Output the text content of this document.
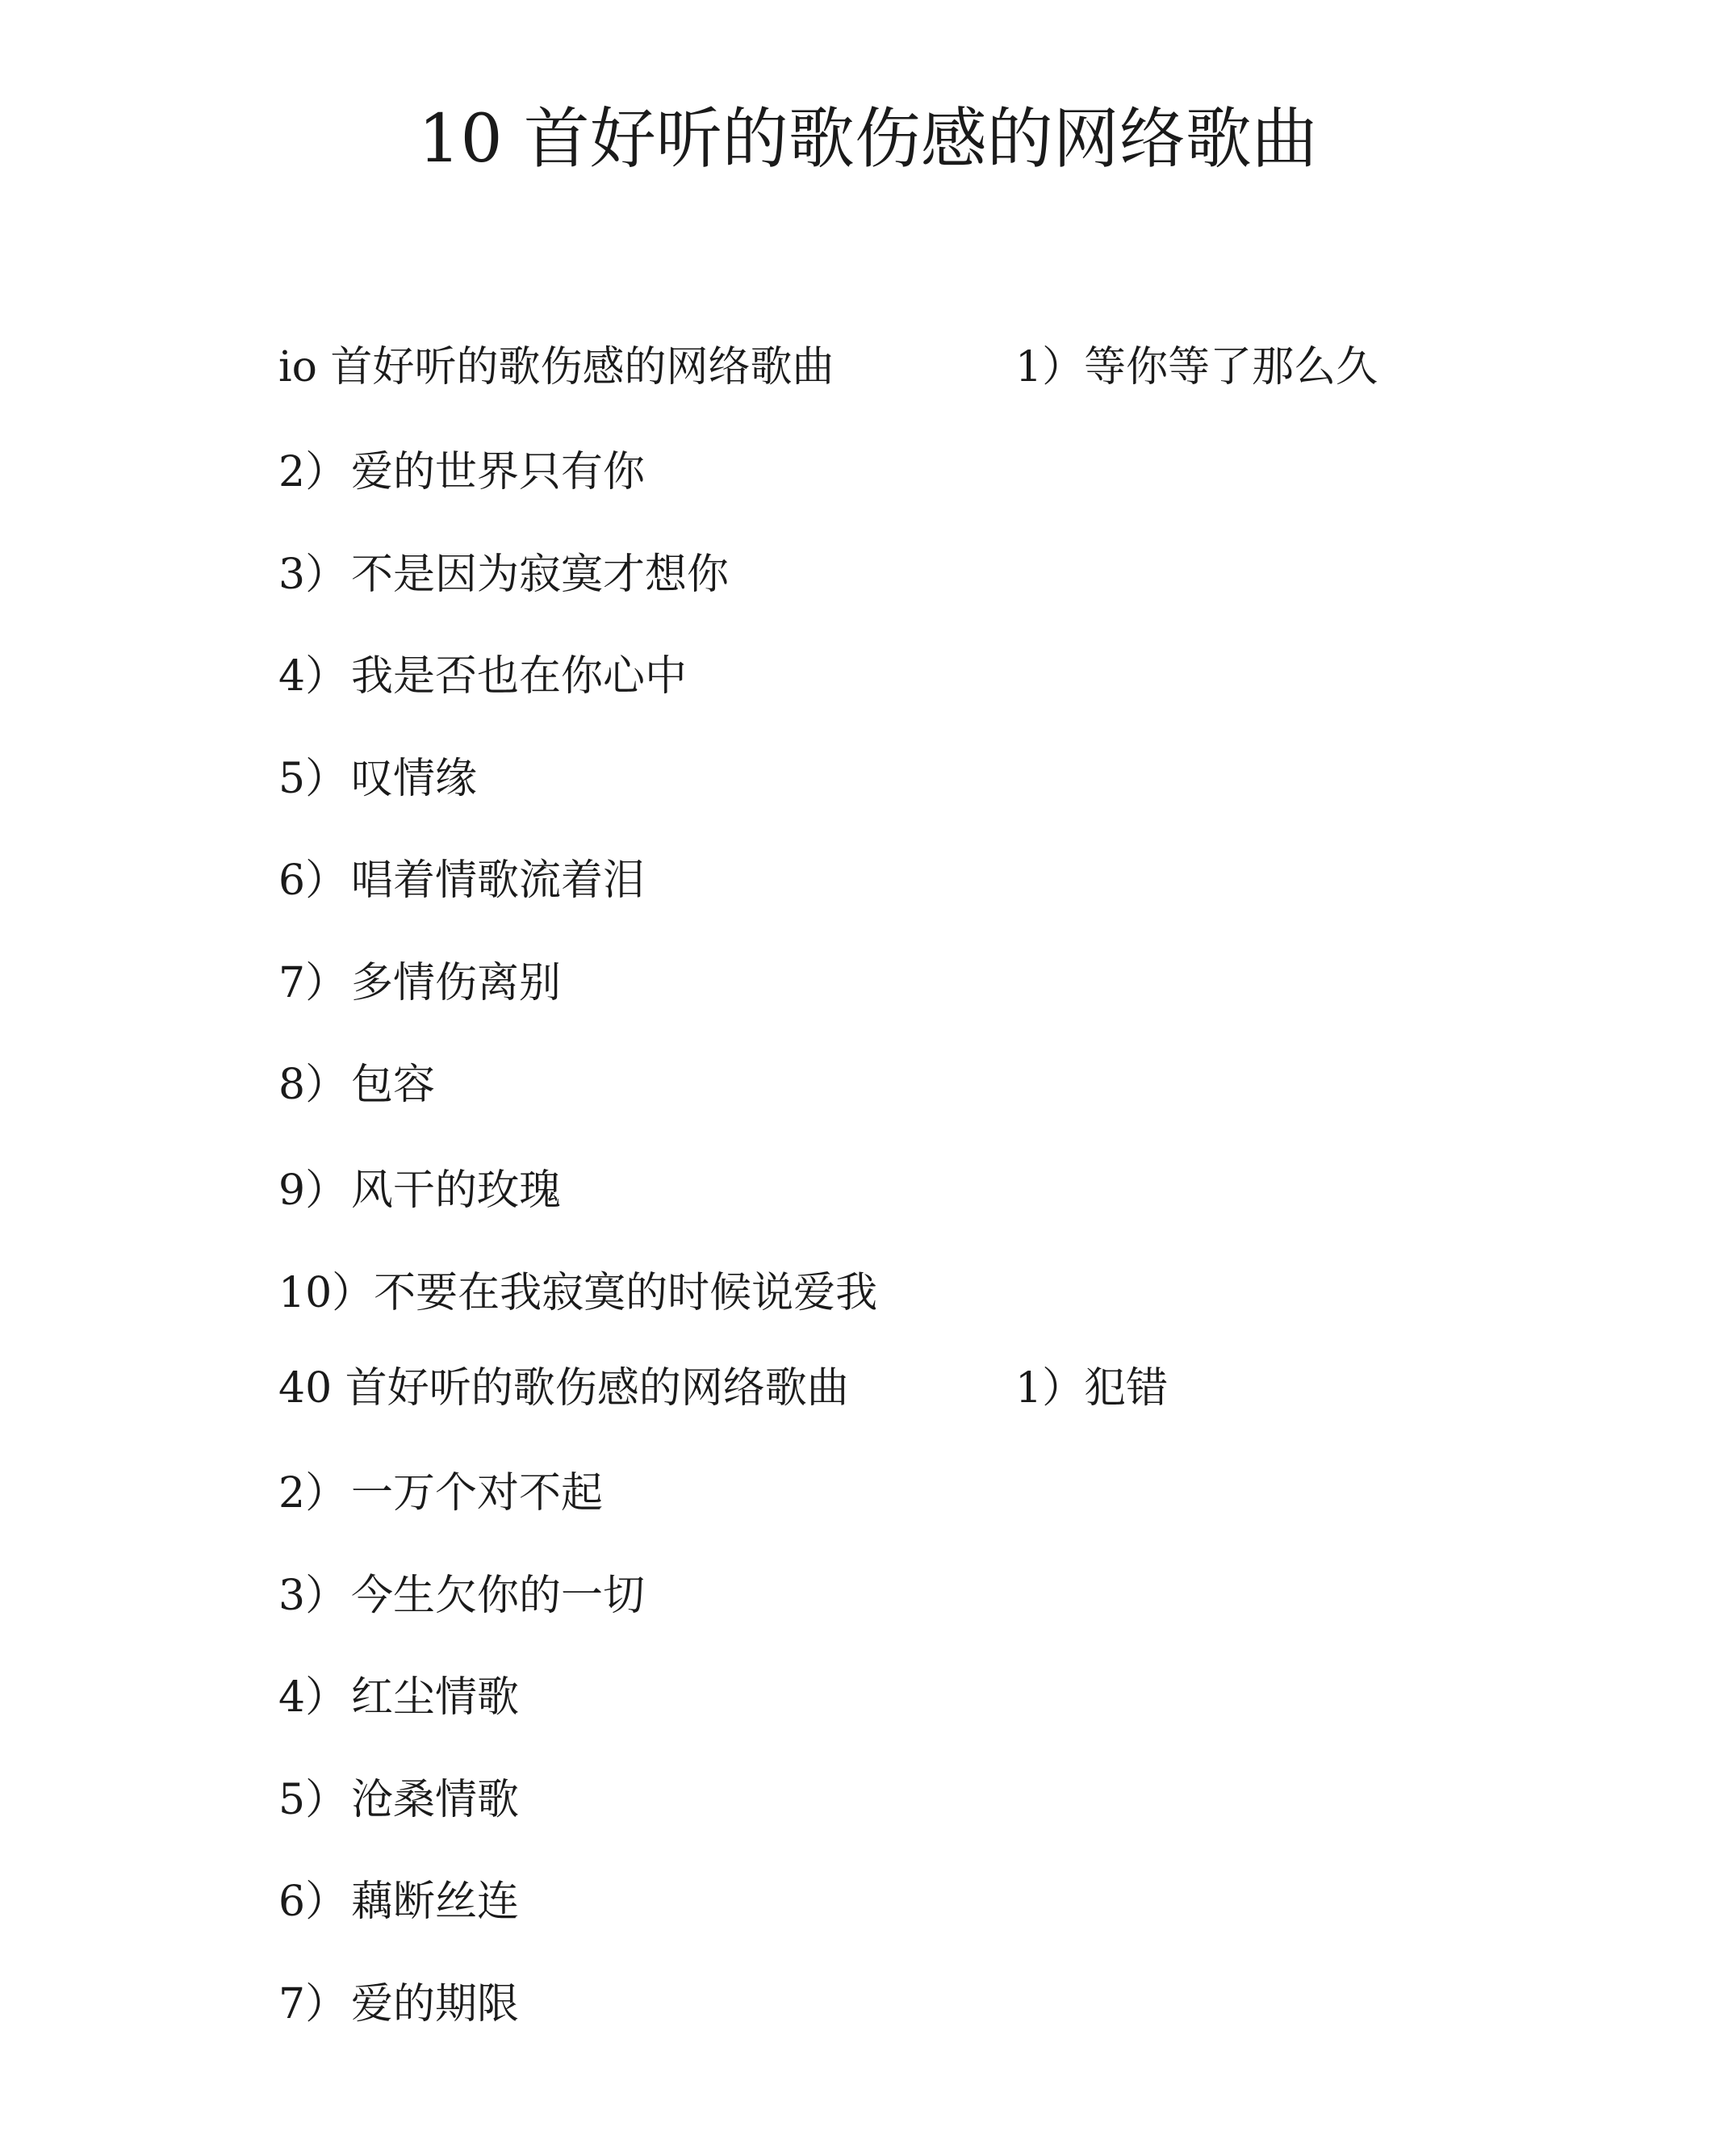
10 首好听的歌伤感的网络歌曲
io 首好听的歌伤感的网络歌曲	1）等你等了那么久
2）爱的世界只有你
3）不是因为寂寞才想你
4）我是否也在你心中
5）叹情缘
6）唱着情歌流着泪
7）多情伤离别
8）包容
9）风干的玫瑰
10）不要在我寂寞的时候说爱我
40 首好听的歌伤感的网络歌曲	1）犯错
2）一万个对不起
3）今生欠你的一切
4）红尘情歌
5）沧桑情歌
6）藕断丝连
7）爱的期限
